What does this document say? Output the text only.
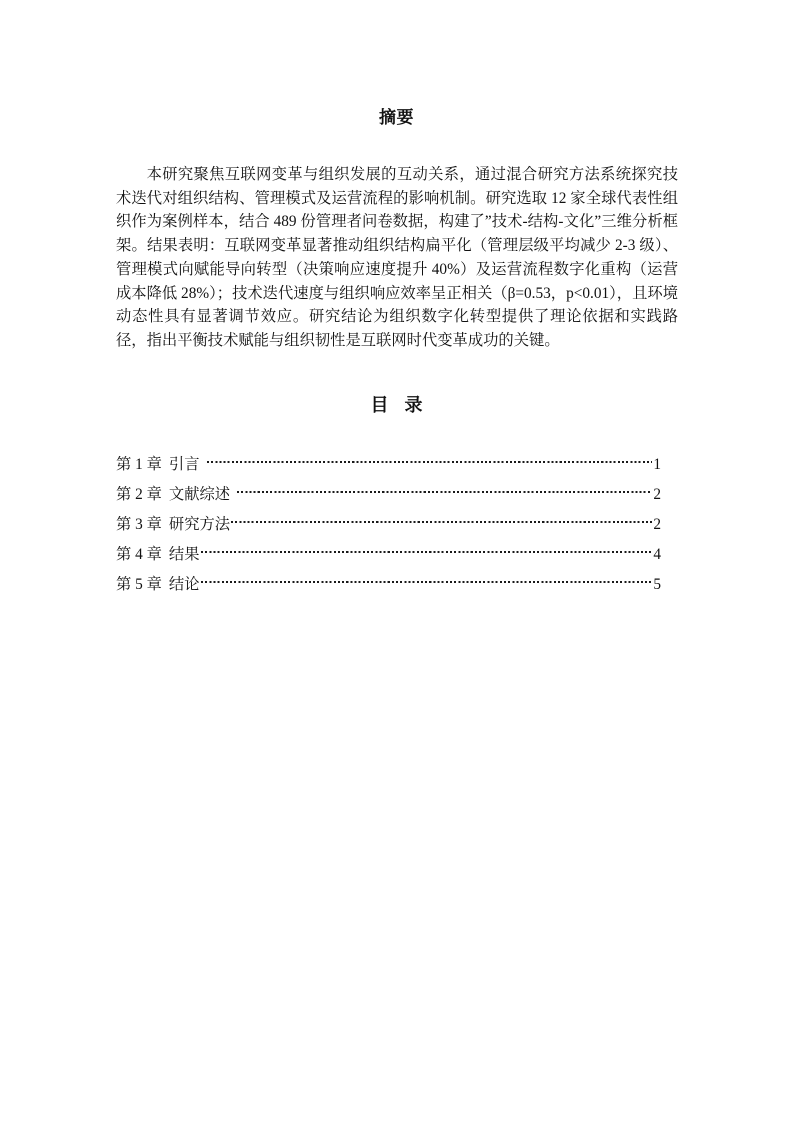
摘要
本研究聚焦互联网变革与组织发展的互动关系，通过混合研究方法系统探究技术迭代对组织结构、管理模式及运营流程的影响机制。研究选取 12 家全球代表性组织作为案例样本，结合 489 份管理者问卷数据，构建了”技术-结构-文化”三维分析框架。结果表明：互联网变革显著推动组织结构扁平化（管理层级平均减少 2-3 级）、管理模式向赋能导向转型（决策响应速度提升 40%）及运营流程数字化重构（运营成本降低 28%）；技术迭代速度与组织响应效率呈正相关（β=0.53，p<0.01），且环境动态性具有显著调节效应。研究结论为组织数字化转型提供了理论依据和实践路径，指出平衡技术赋能与组织韧性是互联网时代变革成功的关键。
目 录
第 1 章 引言	1
第 2 章 文献综述	2
第 3 章 研究方法	2
第 4 章 结果	4
第 5 章 结论	5
